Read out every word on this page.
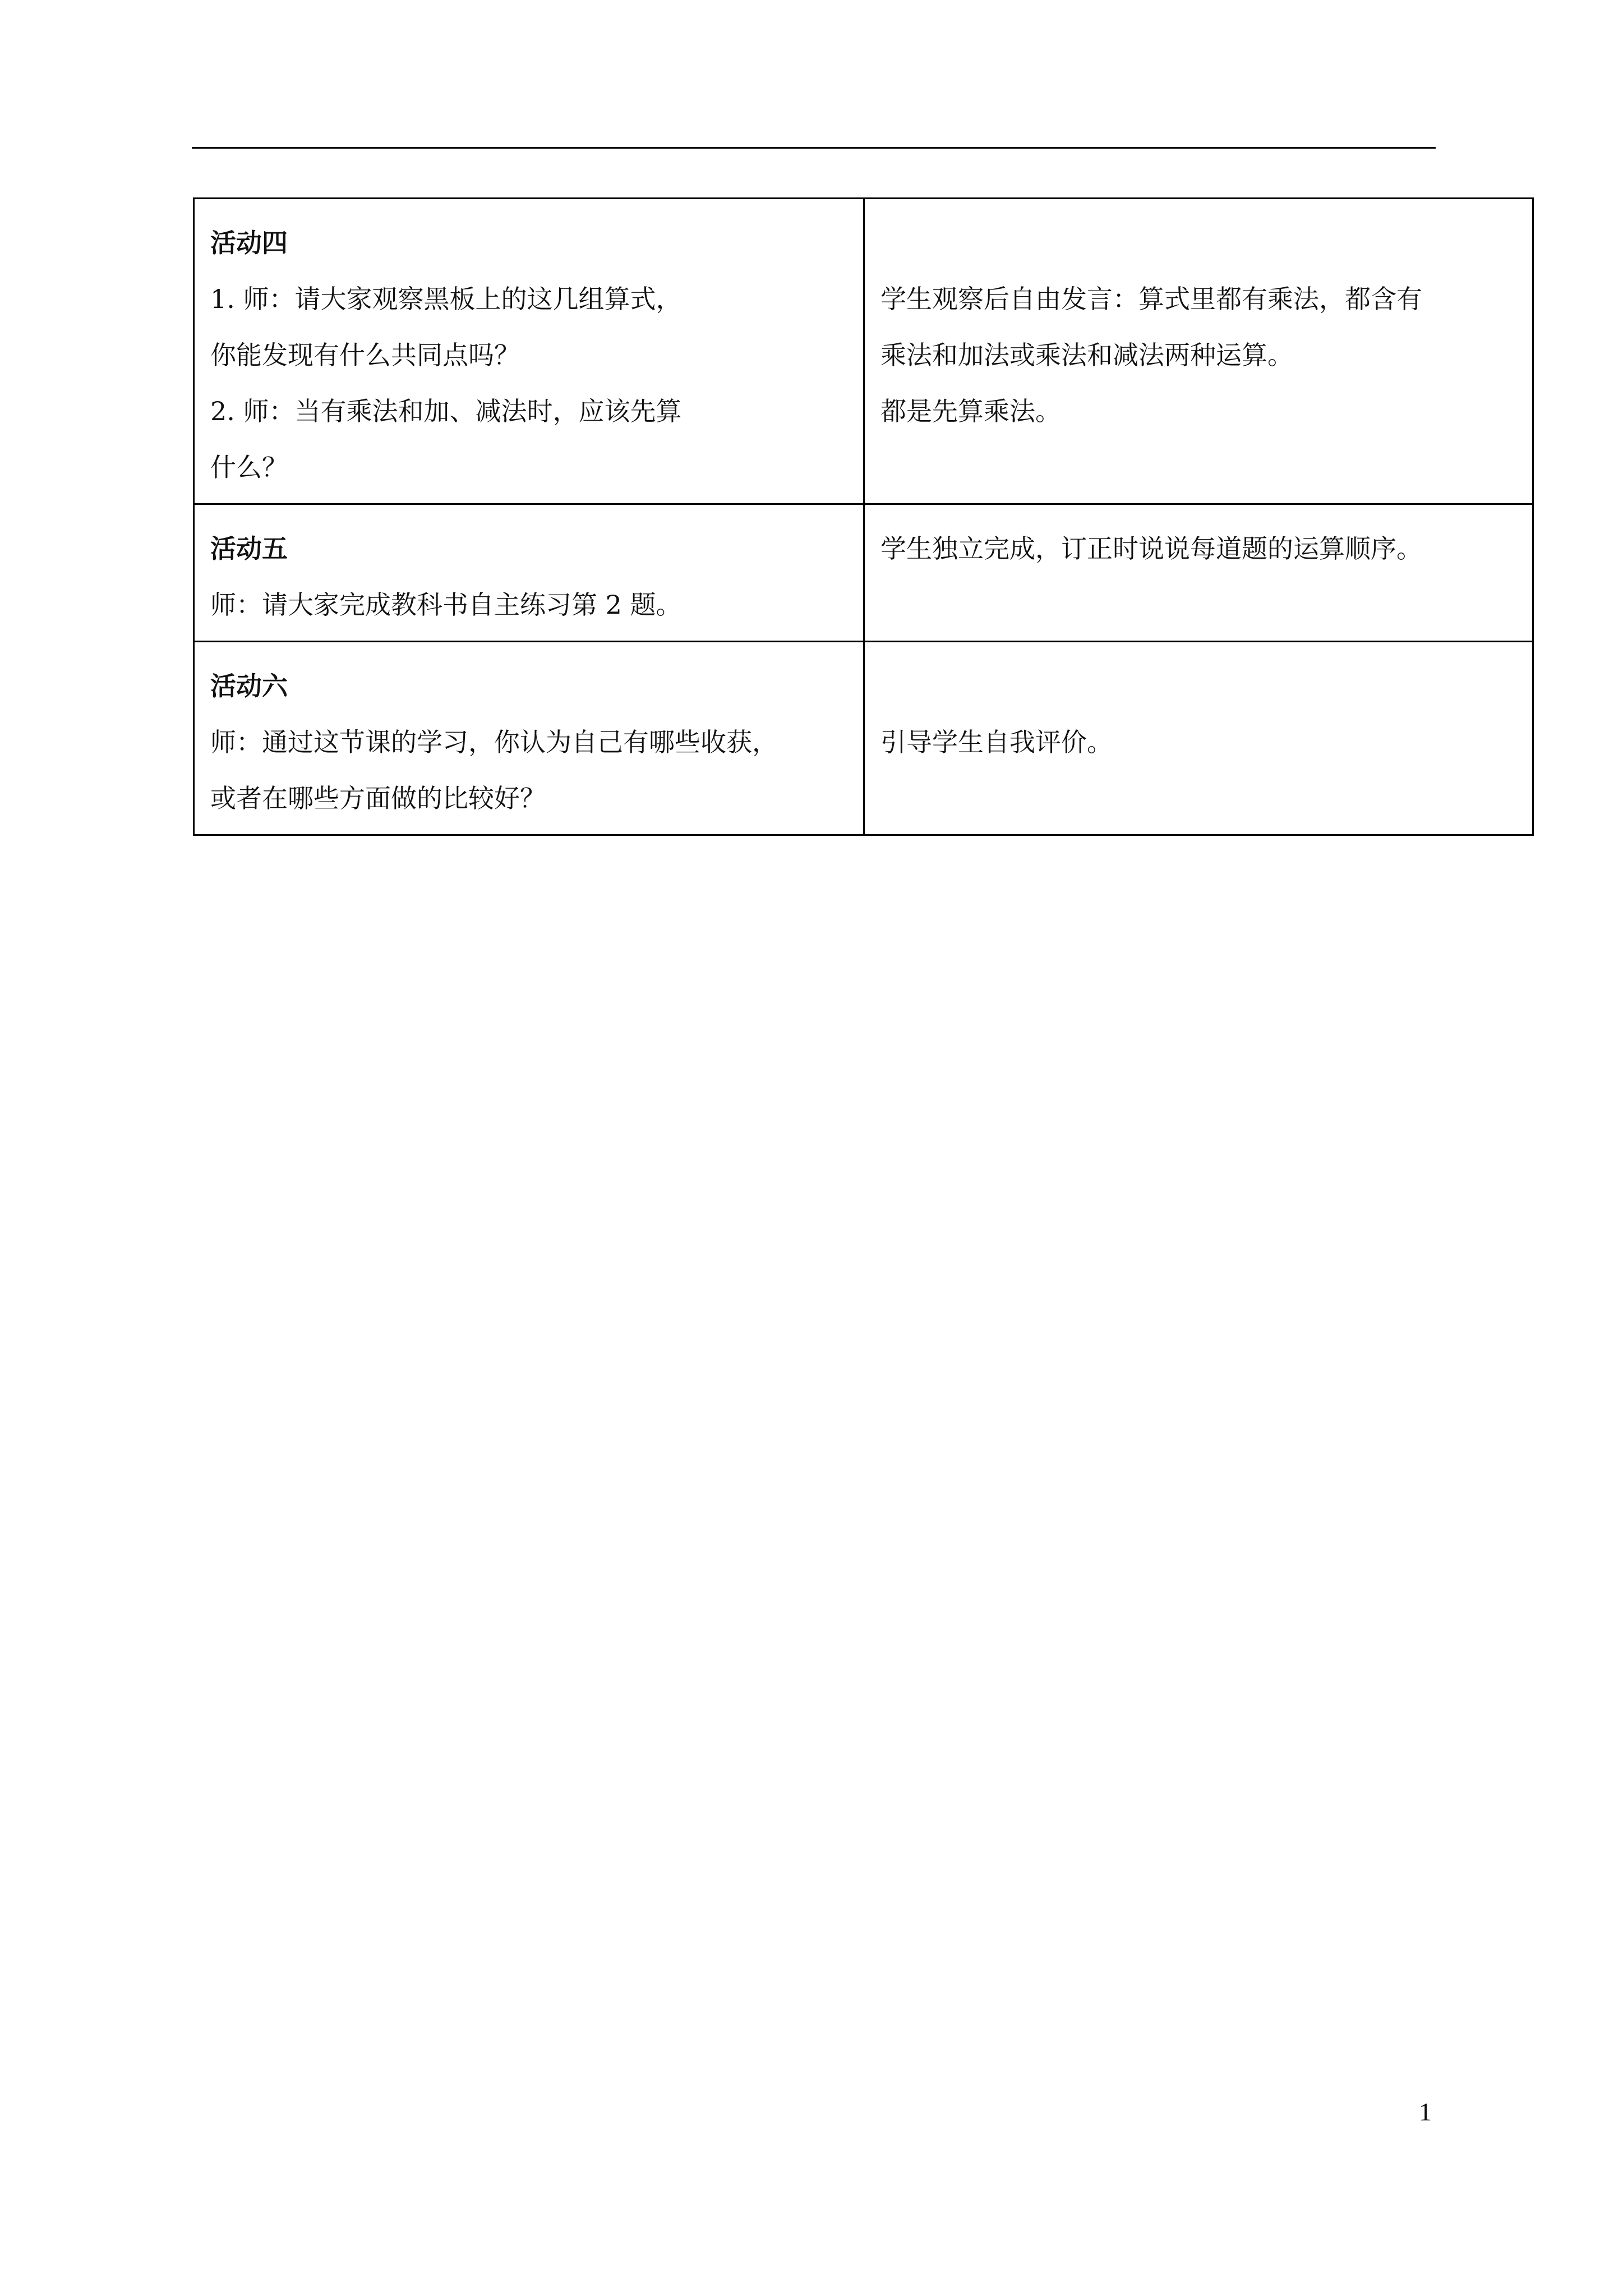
活动四
1. 师：请大家观察黑板上的这几组算式，
你能发现有什么共同点吗？
2. 师：当有乘法和加、减法时，应该先算
什么？	学生观察后自由发言：算式里都有乘法，都含有
乘法和加法或乘法和减法两种运算。
都是先算乘法。

活动五
师：请大家完成教科书自主练习第 2 题。	学生独立完成，订正时说说每道题的运算顺序。

活动六
师：通过这节课的学习，你认为自己有哪些收获，
或者在哪些方面做的比较好？	引导学生自我评价。
1
